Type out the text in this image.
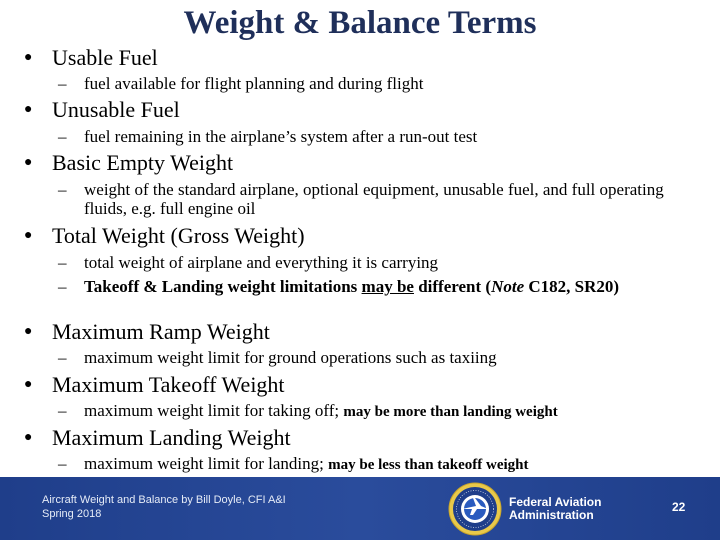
Weight & Balance Terms
● Usable Fuel
–	fuel available for flight planning and during flight
● Unusable Fuel
–	fuel remaining in the airplane’s system after a run-out test
● Basic Empty Weight
–	weight of the standard airplane, optional equipment, unusable fuel, and full operating fluids, e.g. full engine oil
● Total Weight (Gross Weight)
–	total weight of airplane and everything it is carrying
–	Takeoff & Landing weight limitations may be different (Note C182, SR20)
● Maximum Ramp Weight
–	maximum weight limit for ground operations such as taxiing
● Maximum Takeoff Weight
–	maximum weight limit for taking off; may be more than landing weight
● Maximum Landing Weight
–	maximum weight limit for landing; may be less than takeoff weight
Aircraft Weight and Balance by Bill Doyle, CFI A&I
Spring 2018
Federal Aviation
Administration
22
